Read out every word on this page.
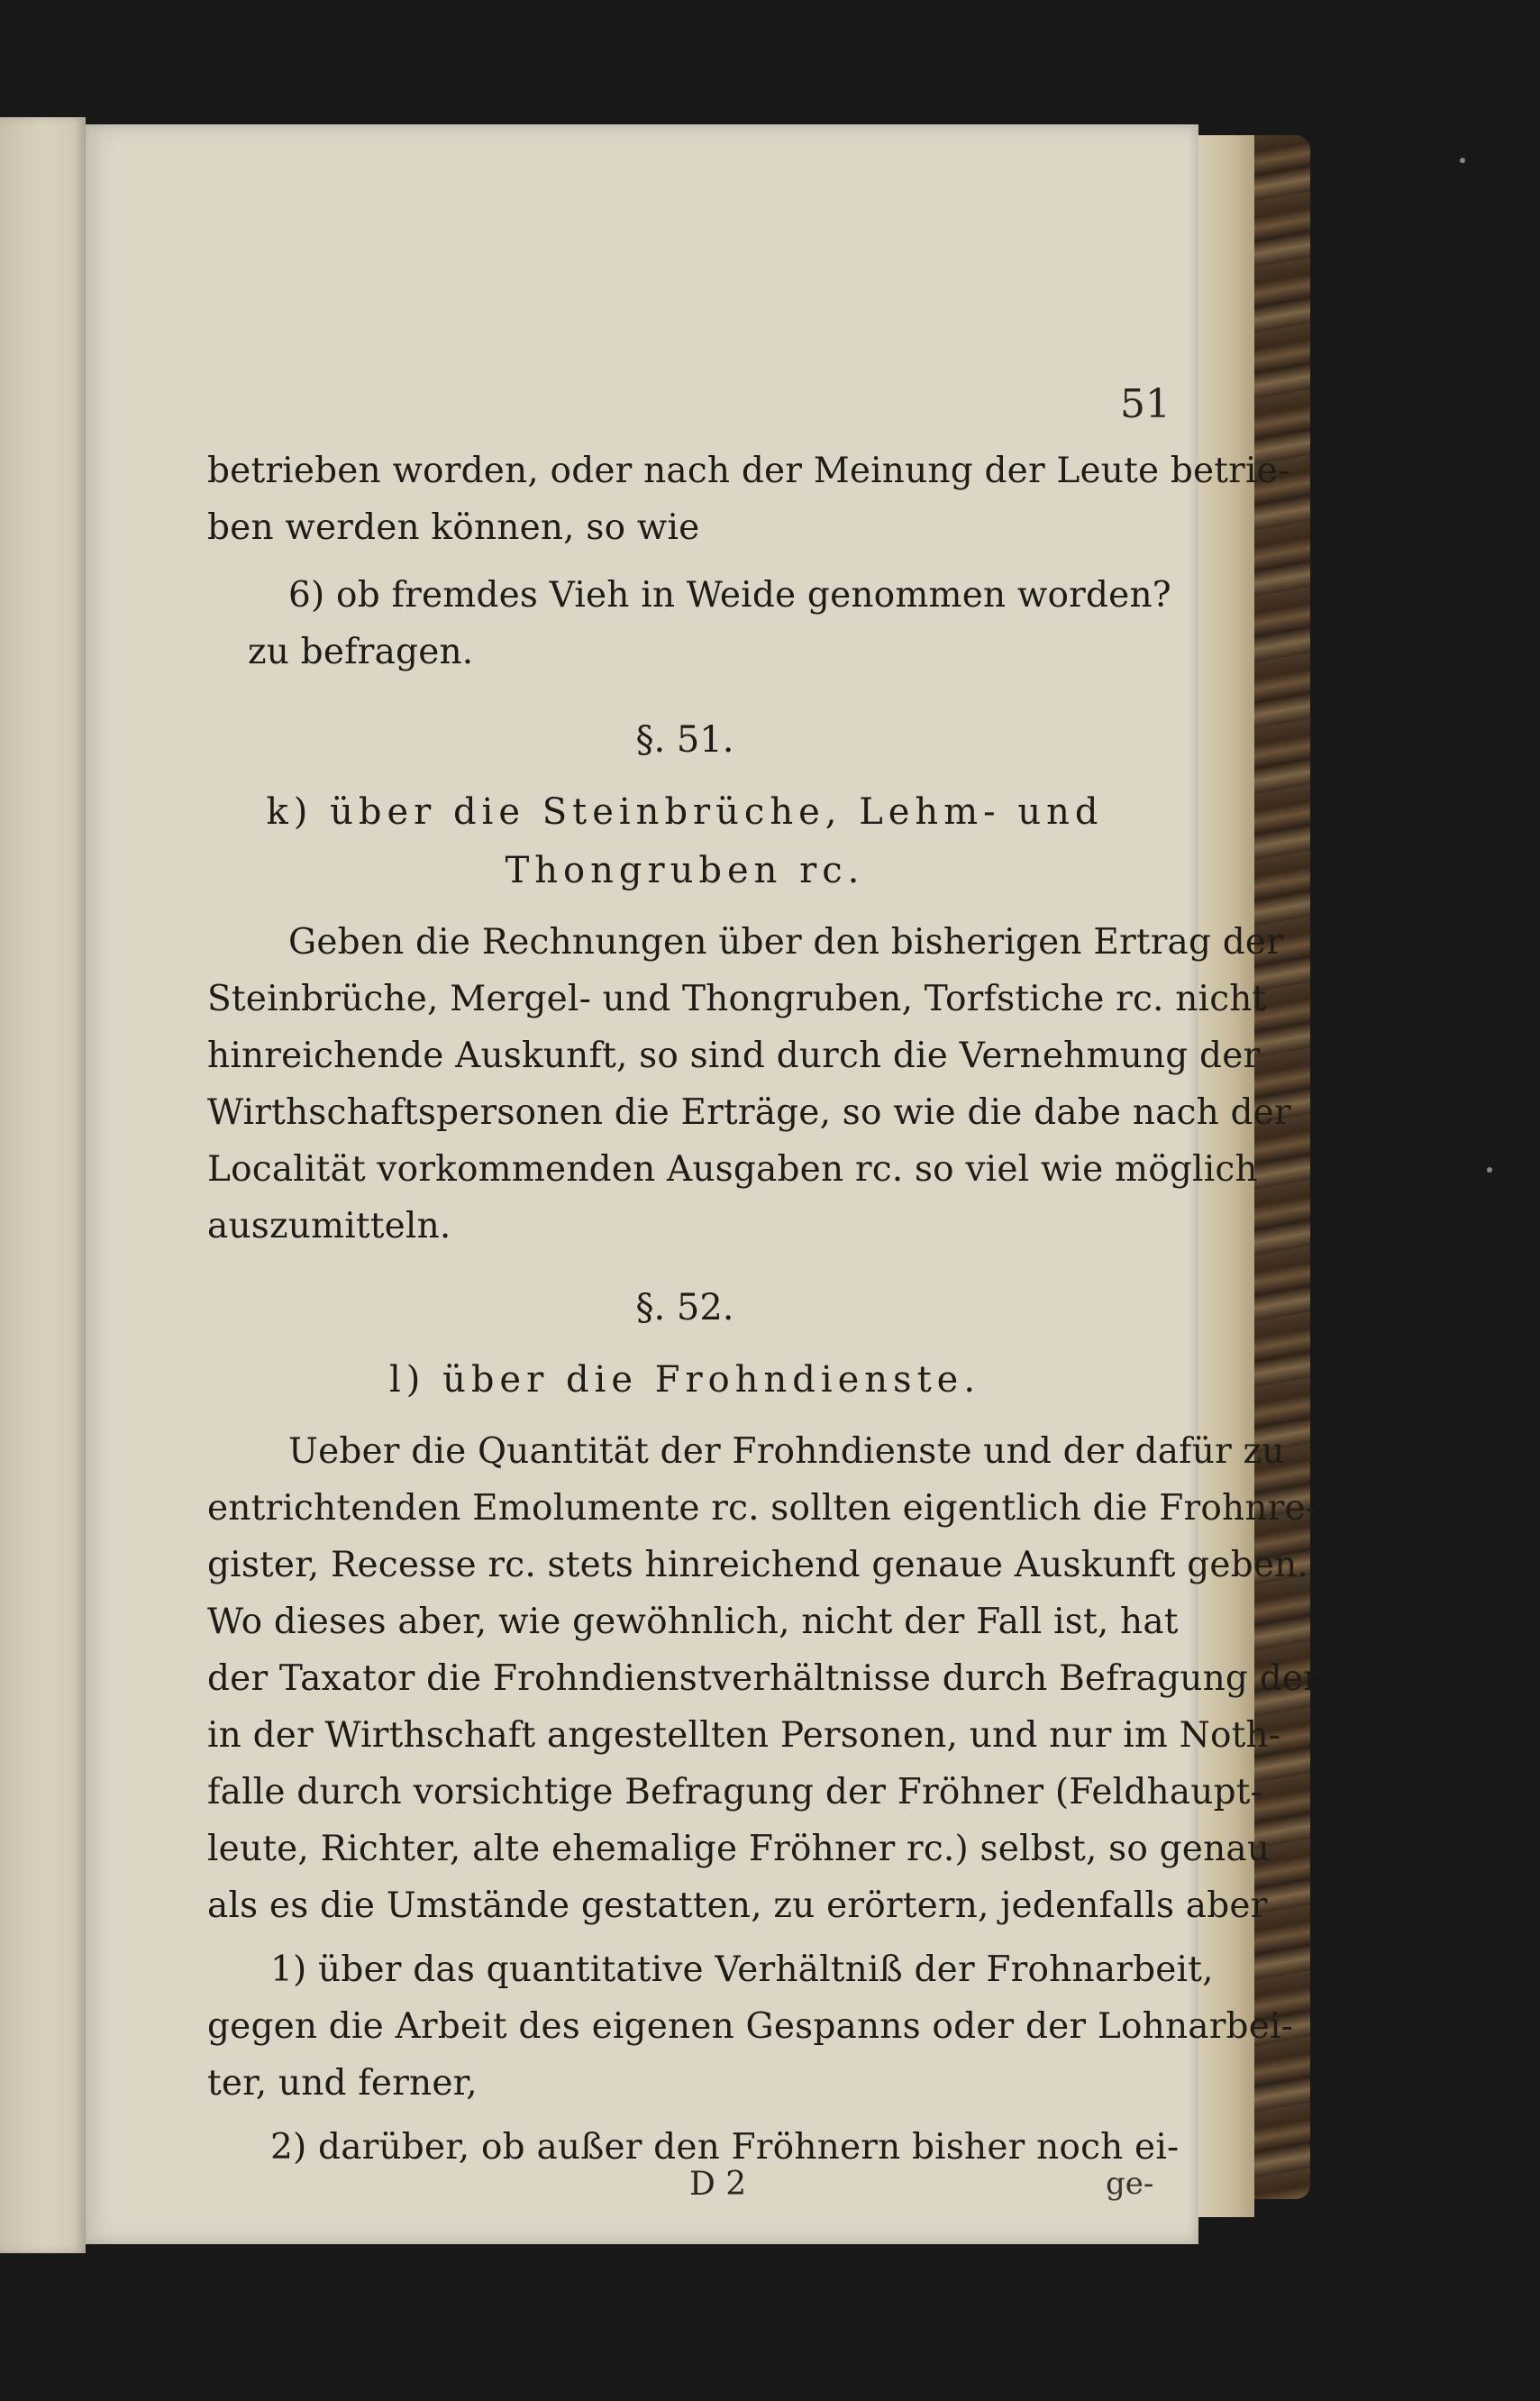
51
betrieben worden, oder nach der Meinung der Leute betrie-
ben werden können, so wie
6) ob fremdes Vieh in Weide genommen worden?
zu befragen.
§. 51.
k) über die Steinbrüche, Lehm- und
Thongruben rc.
Geben die Rechnungen über den bisherigen Ertrag der
Steinbrüche, Mergel- und Thongruben, Torfstiche rc. nicht
hinreichende Auskunft, so sind durch die Vernehmung der
Wirthschaftspersonen die Erträge, so wie die dabe nach der
Localität vorkommenden Ausgaben rc. so viel wie möglich
auszumitteln.
§. 52.
l) über die Frohndienste.
Ueber die Quantität der Frohndienste und der dafür zu
entrichtenden Emolumente rc. sollten eigentlich die Frohnre-
gister, Recesse rc. stets hinreichend genaue Auskunft geben.
Wo dieses aber, wie gewöhnlich, nicht der Fall ist, hat
der Taxator die Frohndienstverhältnisse durch Befragung der
in der Wirthschaft angestellten Personen, und nur im Noth-
falle durch vorsichtige Befragung der Fröhner (Feldhaupt-
leute, Richter, alte ehemalige Fröhner rc.) selbst, so genau
als es die Umstände gestatten, zu erörtern, jedenfalls aber
1) über das quantitative Verhältniß der Frohnarbeit,
gegen die Arbeit des eigenen Gespanns oder der Lohnarbei-
ter, und ferner,
2) darüber, ob außer den Fröhnern bisher noch ei-
D 2	ge-
